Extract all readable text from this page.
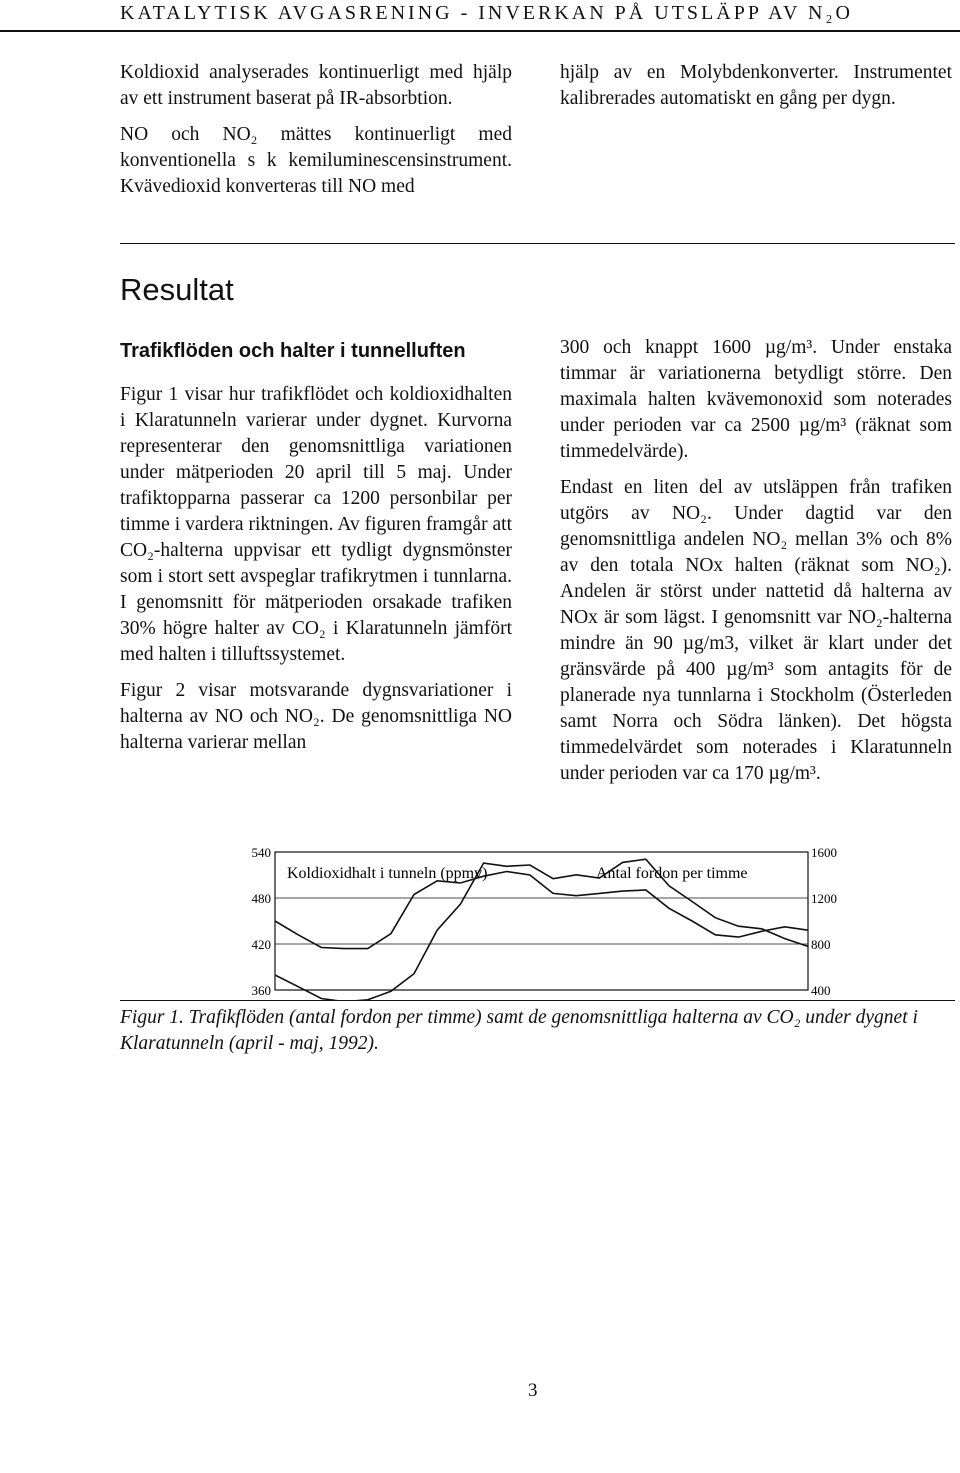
KATALYTISK AVGASRENING - INVERKAN PÅ UTSLÄPP AV N₂O

Koldioxid analyserades kontinuerligt med hjälp av ett instrument baserat på IR-absorbtion.

NO och NO₂ mättes kontinuerligt med konventionella s k kemiluminescensinstrument. Kvävedioxid konverteras till NO med

hjälp av en Molybdenkonverter. Instrumentet kalibrerades automatiskt en gång per dygn.

Resultat
Trafikflöden och halter i tunnelluften

Figur 1 visar hur trafikflödet och koldioxidhalten i Klaratunneln varierar under dygnet. Kurvorna representerar den genomsnittliga variationen under mätperioden 20 april till 5 maj. Under trafiktopparna passerar ca 1200 personbilar per timme i vardera riktningen. Av figuren framgår att CO₂-halterna uppvisar ett tydligt dygnsmönster som i stort sett avspeglar trafikrytmen i tunnlarna. I genomsnitt för mätperioden orsakade trafiken 30% högre halter av CO₂ i Klaratunneln jämfört med halten i tilluftssystemet.

Figur 2 visar motsvarande dygnsvariationer i halterna av NO och NO₂. De genomsnittliga NO halterna varierar mellan

300 och knappt 1600 µg/m³. Under enstaka timmar är variationerna betydligt större. Den maximala halten kvävemonoxid som noterades under perioden var ca 2500 µg/m³ (räknat som timmedelvärde).

Endast en liten del av utsläppen från trafiken utgörs av NO₂. Under dagtid var den genomsnittliga andelen NO₂ mellan 3% och 8% av den totala NOx halten (räknat som NO₂). Andelen är störst under nattetid då halterna av NOx är som lägst. I genomsnitt var NO₂-halterna mindre än 90 µg/m3, vilket är klart under det gränsvärde på 400 µg/m³ som antagits för de planerade nya tunnlarna i Stockholm (Österleden samt Norra och Södra länken). Det högsta timmedelvärdet som noterades i Klaratunneln under perioden var ca 170 µg/m³.

540
480
420
360
1600
1200
800
400
Koldioxidhalt i tunneln (ppmv)	Antal fordon per timme
Figur 1. Trafikflöden (antal fordon per timme) samt de genomsnittliga halterna av CO₂ under dygnet i Klaratunneln (april - maj, 1992).
3
